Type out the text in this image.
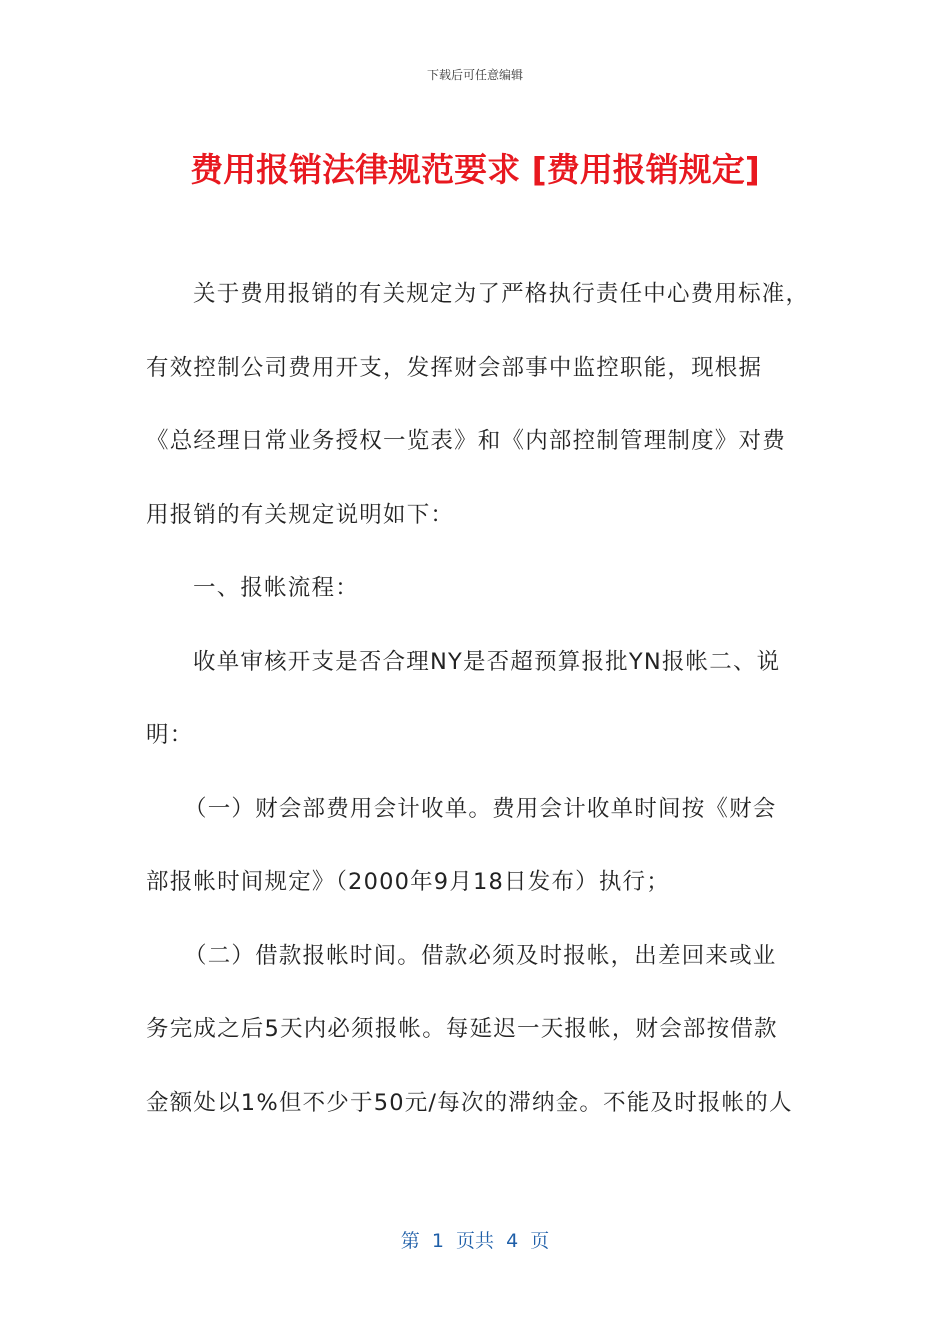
下载后可任意编辑
费用报销法律规范要求 [费用报销规定]
关于费用报销的有关规定为了严格执行责任中心费用标准，
有效控制公司费用开支，发挥财会部事中监控职能，现根据
《总经理日常业务授权一览表》和《内部控制管理制度》对费
用报销的有关规定说明如下：
一、报帐流程：
收单审核开支是否合理NY是否超预算报批YN报帐二、说
明：
（一）财会部费用会计收单。费用会计收单时间按《财会
部报帐时间规定》（2000年9月18日发布）执行；
（二）借款报帐时间。借款必须及时报帐，出差回来或业
务完成之后5天内必须报帐。每延迟一天报帐，财会部按借款
金额处以1%但不少于50元/每次的滞纳金。不能及时报帐的人
第  1  页共  4  页
